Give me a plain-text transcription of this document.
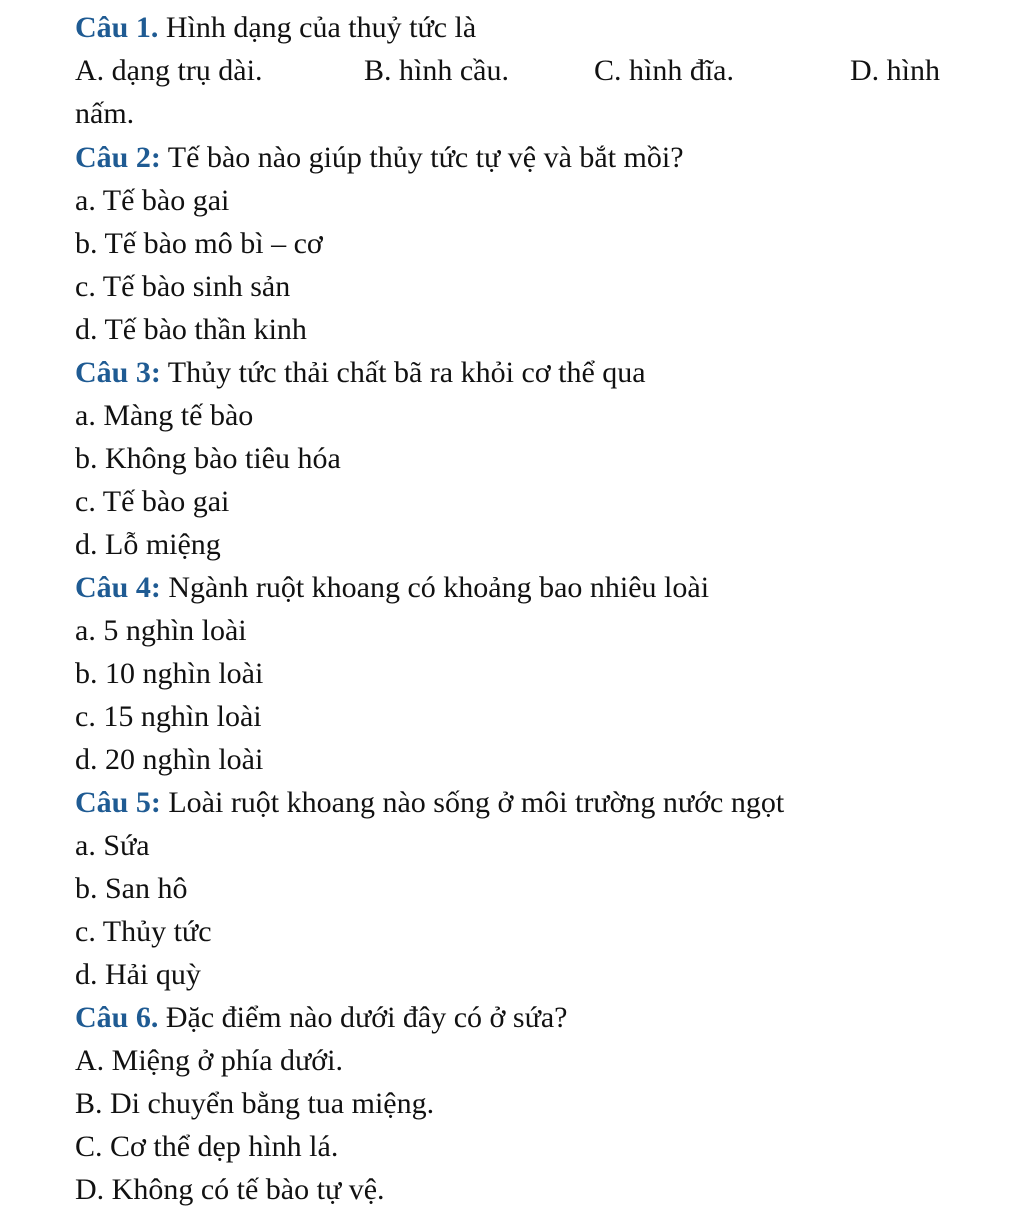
Câu 1. Hình dạng của thuỷ tức là
A. dạng trụ dài.	B. hình cầu.	C. hình đĩa.	D. hình
nấm.
Câu 2: Tế bào nào giúp thủy tức tự vệ và bắt mồi?
a. Tế bào gai
b. Tế bào mô bì – cơ
c. Tế bào sinh sản
d. Tế bào thần kinh
Câu 3: Thủy tức thải chất bã ra khỏi cơ thể qua
a. Màng tế bào
b. Không bào tiêu hóa
c. Tế bào gai
d. Lỗ miệng
Câu 4: Ngành ruột khoang có khoảng bao nhiêu loài
a. 5 nghìn loài
b. 10 nghìn loài
c. 15 nghìn loài
d. 20 nghìn loài
Câu 5: Loài ruột khoang nào sống ở môi trường nước ngọt
a. Sứa
b. San hô
c. Thủy tức
d. Hải quỳ
Câu 6. Đặc điểm nào dưới đây có ở sứa?
A. Miệng ở phía dưới.
B. Di chuyển bằng tua miệng.
C. Cơ thể dẹp hình lá.
D. Không có tế bào tự vệ.
